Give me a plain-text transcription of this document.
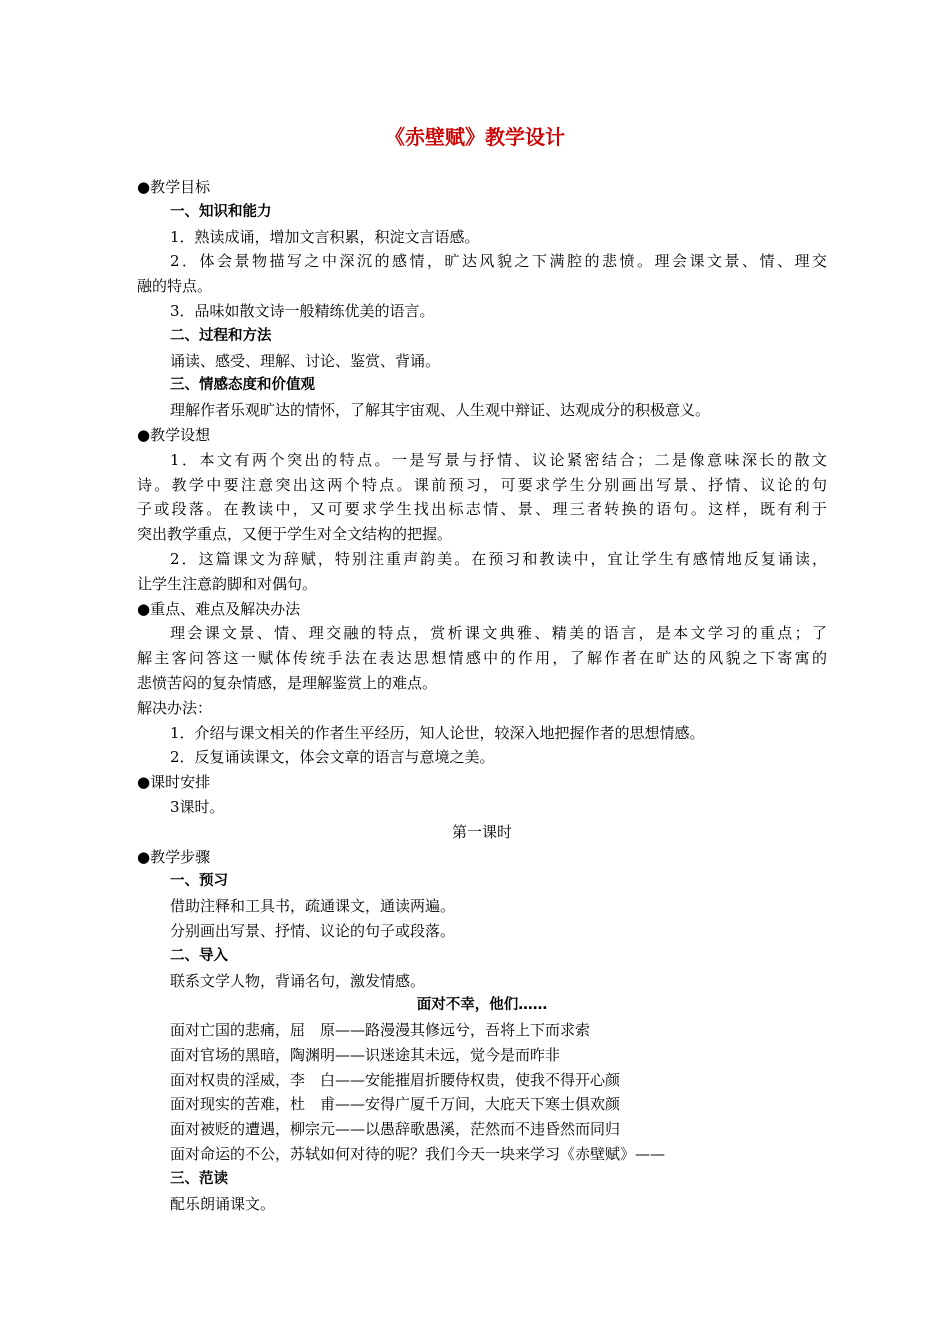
《赤壁赋》教学设计
●教学目标
一、知识和能力
1．熟读成诵，增加文言积累，积淀文言语感。
2．体会景物描写之中深沉的感情，旷达风貌之下满腔的悲愤。理会课文景、情、理交
融的特点。
3．品味如散文诗一般精练优美的语言。
二、过程和方法
诵读、感受、理解、讨论、鉴赏、背诵。
三、情感态度和价值观
理解作者乐观旷达的情怀，了解其宇宙观、人生观中辩证、达观成分的积极意义。
●教学设想
1．本文有两个突出的特点。一是写景与抒情、议论紧密结合；二是像意味深长的散文
诗。教学中要注意突出这两个特点。课前预习，可要求学生分别画出写景、抒情、议论的句
子或段落。在教读中，又可要求学生找出标志情、景、理三者转换的语句。这样，既有利于
突出教学重点，又便于学生对全文结构的把握。
2．这篇课文为辞赋，特别注重声韵美。在预习和教读中，宜让学生有感情地反复诵读，
让学生注意韵脚和对偶句。
●重点、难点及解决办法
理会课文景、情、理交融的特点，赏析课文典雅、精美的语言，是本文学习的重点；了
解主客问答这一赋体传统手法在表达思想情感中的作用，了解作者在旷达的风貌之下寄寓的
悲愤苦闷的复杂情感，是理解鉴赏上的难点。
解决办法：
1．介绍与课文相关的作者生平经历，知人论世，较深入地把握作者的思想情感。
2．反复诵读课文，体会文章的语言与意境之美。
●课时安排
3课时。
第一课时
●教学步骤
一、预习
借助注释和工具书，疏通课文，通读两遍。
分别画出写景、抒情、议论的句子或段落。
二、导入
联系文学人物，背诵名句，激发情感。
面对不幸，他们……
面对亡国的悲痛，屈　原——路漫漫其修远兮，吾将上下而求索
面对官场的黑暗，陶渊明——识迷途其未远，觉今是而昨非
面对权贵的淫威，李　白——安能摧眉折腰侍权贵，使我不得开心颜
面对现实的苦难，杜　甫——安得广厦千万间，大庇天下寒士俱欢颜
面对被贬的遭遇，柳宗元——以愚辞歌愚溪，茫然而不违昏然而同归
面对命运的不公，苏轼如何对待的呢？我们今天一块来学习《赤壁赋》——
三、范读
配乐朗诵课文。
